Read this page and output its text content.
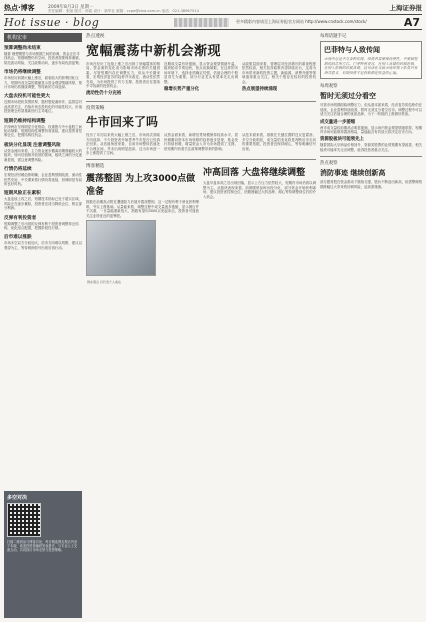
热点·博客	2009年8月3日 星期一
责任编辑：张丽 版式：孙凯 设计：新华社 邮箱：ccpe@sina.com.cn 电话：021-38967514	上海证券报
Hot issue · blog	更多精彩内容请至上海证券报官方网站 http://www.cnstock.com/stock/	A7
机构宏市
预算调整尚未结束

随着 理想模型与市场预期之间的协调，资金正在寻找机会，短期调整仍有空间，投资者需要保持谨慎，防范波动风险，关注政策动向，逐步布局优质蓝筹。

市场仍将继续调整

市场经历前期大幅上涨后，面临较大的获利回吐压力，短期内成交量的萎缩显示资金观望情绪浓厚，预计市场仍将继续调整，等待新的方向选择。

大盘去投机可能性更大

近期市场投机氛围浓厚，题材股轮番炒作，监管层对此高度关注，后续市场去投机化的可能性较大，价值投资理念有望重新回归主导地位。

短期仍维持结构调整

沪深两市呈现明显分化格局，权重股与中小盘股之间轮动频繁，短期结构性调整仍将延续，建议投资者控制仓位，把握结构性机会。

板块分化显现 注意调整风险

从资金流向来看，主力资金逐步撤离前期涨幅较大的板块，转向估值相对较低的领域，板块之间的分化逐渐显现，需注意调整风险。

行情仍将延续

宏观经济回暖趋势明确，企业盈利预期改善，流动性依然充裕，中长期来看行情仍将延续，回调即是布局的良好时机。

短期风险正在累积

大盘连续上攻之后，短期技术指标已处于超买区域，风险正在逐步累积，投资者宜适当降低仓位，锁定部分利润。

反弹有利投资者

短期调整之后出现的反弹有利于投资者调整持仓结构，优化组合配置，把握阶段性行情。

后市难以涨跌

市场多空双方分歧加大，后市方向难以判断，建议以观望为主，等待明朗信号出现后再行动。

多空对决

扫描二维码参与博客讨论，每日精选网友观点刊登于本版，欢迎投资者踊跃发表看法，与专业人士交流互动，共同探讨市场走势与投资策略。

热点透视
宽幅震荡中新机会渐现

市场在经历了连续上涨之后出现了宽幅震荡的格局，资金面的变化成为影响市场走势的关键因素。尽管短期内存在调整压力，但从中长期来看，宏观经济复苏的趋势并未改变，流动性依然充裕，为市场提供了有力支撑，投资者应在震荡中寻找新的投资机会。

流动性仍十分充裕

近期成交量有所萎缩，显示资金观望情绪升温，板块轮动节奏加快，热点切换频繁。在这样的市场环境下，选择业绩确定性强、估值合理的个股显得尤为重要，部分行业龙头有望率先走出调整。

稳增长势产重分化

从政策层面来看，管理层对经济增长的重视程度依然较高，相关扶持政策有望持续出台，这将为市场带来新的投资主题，新能源、消费升级等领域值得重点关注，相关个股存在较好的投资机会。

热点展望持续涌现
投资策略
牛市回来了吗

经历了年初以来的大幅上涨之后，市场再次面临方向选择，不少投资者开始思考牛市是否已经真正回来。从估值角度来看，目前市场整体估值处于合理区间，并未出现明显泡沫，这为市场进一步上涨提供了空间。

从资金面来看，新增信贷规模保持较高水平，居民储蓄向资本市场转移的趋势逐步显现，基金发行持续回暖，增量资金入市为市场提供了支撑，但短期内仍需关注政策调整带来的影响。

从技术面来看，指数在关键位置附近反复震荡，多空分歧明显，成交量的变化将是判断后市走向的重要依据，投资者宜保持耐心，等待明确信号出现。

博客精选
震荡整固 为上攻3000点做准备

指数在前期高点附近遭遇阻力后展开震荡整固，这一过程有利于消化获利筹码，夯实上涨基础。从量能来看，调整过程中成交量逐步萎缩，显示抛压并不沉重，一旦量能重新放大，指数有望向3000点发起冲击，投资者可逢低关注业绩优良的蓝筹股。

网友观点 仅代表个人看法
冲高回落 大盘将继续调整

大盘早盘冲高之后出现回落，显示上方压力依然较大，短期内市场仍将以调整为主。从板块表现来看，前期强势品种出现分化，部分资金开始获利离场，建议投资者控制仓位，回避涨幅过大的品种，耐心等待调整到位后的介入机会。

每周话题手记
巴菲特与人致传闻

市场中总是不乏各种传闻，投资者需要保持理性，不要被短期的消息所左右。巴菲特曾说过，在别人贪婪的时候恐惧，在别人恐惧的时候贪婪，这句话在当前市场环境下依然具有指导意义，长期投资才是获取稳定收益的正道。

每周观察
暂时无须过分看空

尽管市场短期面临调整压力，但从基本面来看，经济复苏的趋势仍在延续，企业盈利持续改善，暂时无须过分看空后市。调整过程中可以适当关注估值合理的优质品种，为下一阶段的上涨做好准备。

成交量进一步萎缩

两市成交量较前期高点明显萎缩，显示场内资金观望情绪浓厚，短期内市场可能维持震荡格局，量能能否有效放大将决定后市方向。

资源股板块可能领先上

随着国际大宗商品价格回升，资源类股票的业绩预期有望改善，相关板块可能率先走出调整，值得投资者重点关注。

热点观察
消防事迹 继续创新高

部分题材股在资金推动下继续走强，股价不断创出新高，但需警惕短期涨幅过大带来的回调风险，追高需谨慎。
